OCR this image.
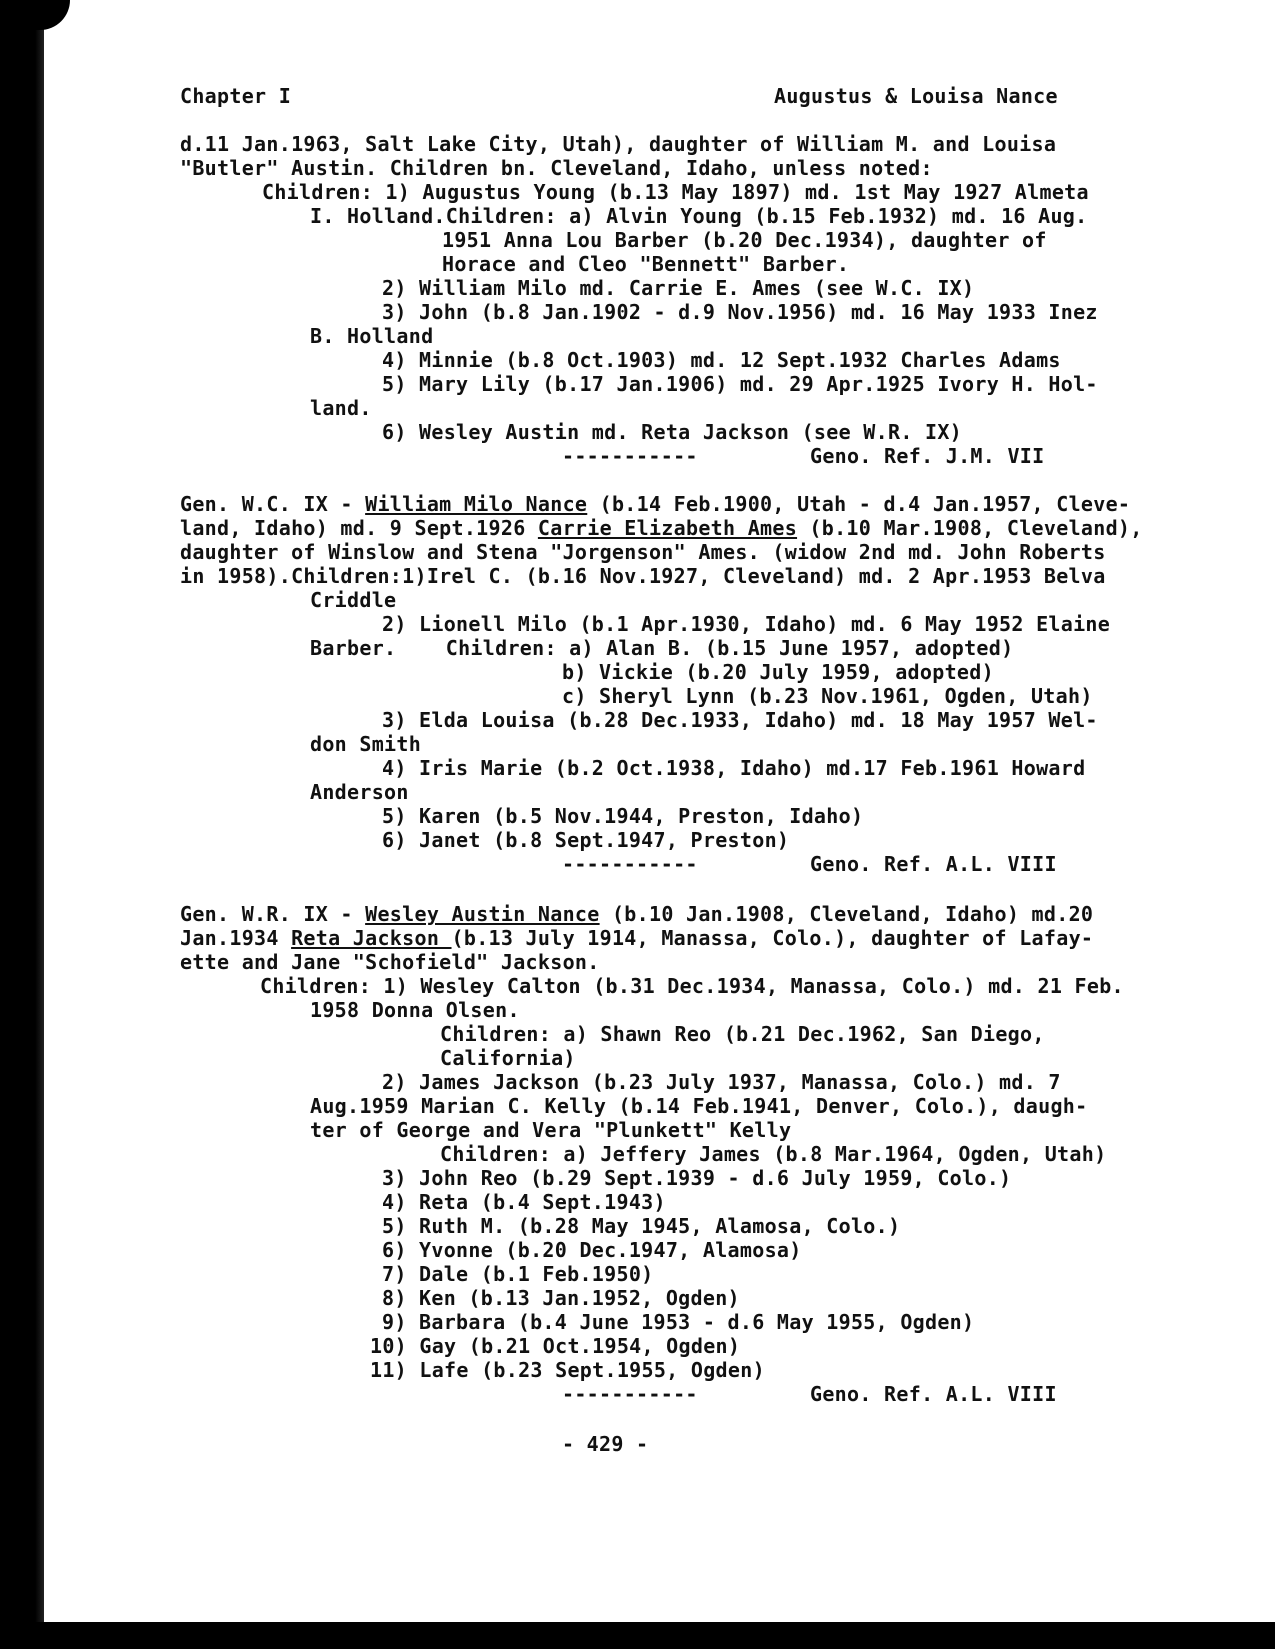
Chapter I	Augustus & Louisa Nance
d.11 Jan.1963, Salt Lake City, Utah), daughter of William M. and Louisa
"Butler" Austin. Children bn. Cleveland, Idaho, unless noted:
Children: 1) Augustus Young (b.13 May 1897) md. 1st May 1927 Almeta
I. Holland.Children: a) Alvin Young (b.15 Feb.1932) md. 16 Aug.
1951 Anna Lou Barber (b.20 Dec.1934), daughter of
Horace and Cleo "Bennett" Barber.
2) William Milo md. Carrie E. Ames (see W.C. IX)
3) John (b.8 Jan.1902 - d.9 Nov.1956) md. 16 May 1933 Inez
B. Holland
4) Minnie (b.8 Oct.1903) md. 12 Sept.1932 Charles Adams
5) Mary Lily (b.17 Jan.1906) md. 29 Apr.1925 Ivory H. Hol-
land.
6) Wesley Austin md. Reta Jackson (see W.R. IX)
-----------	Geno. Ref. J.M. VII
Gen. W.C. IX - William Milo Nance (b.14 Feb.1900, Utah - d.4 Jan.1957, Cleve-
land, Idaho) md. 9 Sept.1926 Carrie Elizabeth Ames (b.10 Mar.1908, Cleveland),
daughter of Winslow and Stena "Jorgenson" Ames. (widow 2nd md. John Roberts
in 1958).Children:1)Irel C. (b.16 Nov.1927, Cleveland) md. 2 Apr.1953 Belva
Criddle
2) Lionell Milo (b.1 Apr.1930, Idaho) md. 6 May 1952 Elaine
Barber.    Children: a) Alan B. (b.15 June 1957, adopted)
b) Vickie (b.20 July 1959, adopted)
c) Sheryl Lynn (b.23 Nov.1961, Ogden, Utah)
3) Elda Louisa (b.28 Dec.1933, Idaho) md. 18 May 1957 Wel-
don Smith
4) Iris Marie (b.2 Oct.1938, Idaho) md.17 Feb.1961 Howard
Anderson
5) Karen (b.5 Nov.1944, Preston, Idaho)
6) Janet (b.8 Sept.1947, Preston)
-----------	Geno. Ref. A.L. VIII
Gen. W.R. IX - Wesley Austin Nance (b.10 Jan.1908, Cleveland, Idaho) md.20
Jan.1934 Reta Jackson (b.13 July 1914, Manassa, Colo.), daughter of Lafay-
ette and Jane "Schofield" Jackson.
Children: 1) Wesley Calton (b.31 Dec.1934, Manassa, Colo.) md. 21 Feb.
1958 Donna Olsen.
Children: a) Shawn Reo (b.21 Dec.1962, San Diego,
California)
2) James Jackson (b.23 July 1937, Manassa, Colo.) md. 7
Aug.1959 Marian C. Kelly (b.14 Feb.1941, Denver, Colo.), daugh-
ter of George and Vera "Plunkett" Kelly
Children: a) Jeffery James (b.8 Mar.1964, Ogden, Utah)
3) John Reo (b.29 Sept.1939 - d.6 July 1959, Colo.)
4) Reta (b.4 Sept.1943)
5) Ruth M. (b.28 May 1945, Alamosa, Colo.)
6) Yvonne (b.20 Dec.1947, Alamosa)
7) Dale (b.1 Feb.1950)
8) Ken (b.13 Jan.1952, Ogden)
9) Barbara (b.4 June 1953 - d.6 May 1955, Ogden)
10) Gay (b.21 Oct.1954, Ogden)
11) Lafe (b.23 Sept.1955, Ogden)
-----------	Geno. Ref. A.L. VIII
- 429 -
